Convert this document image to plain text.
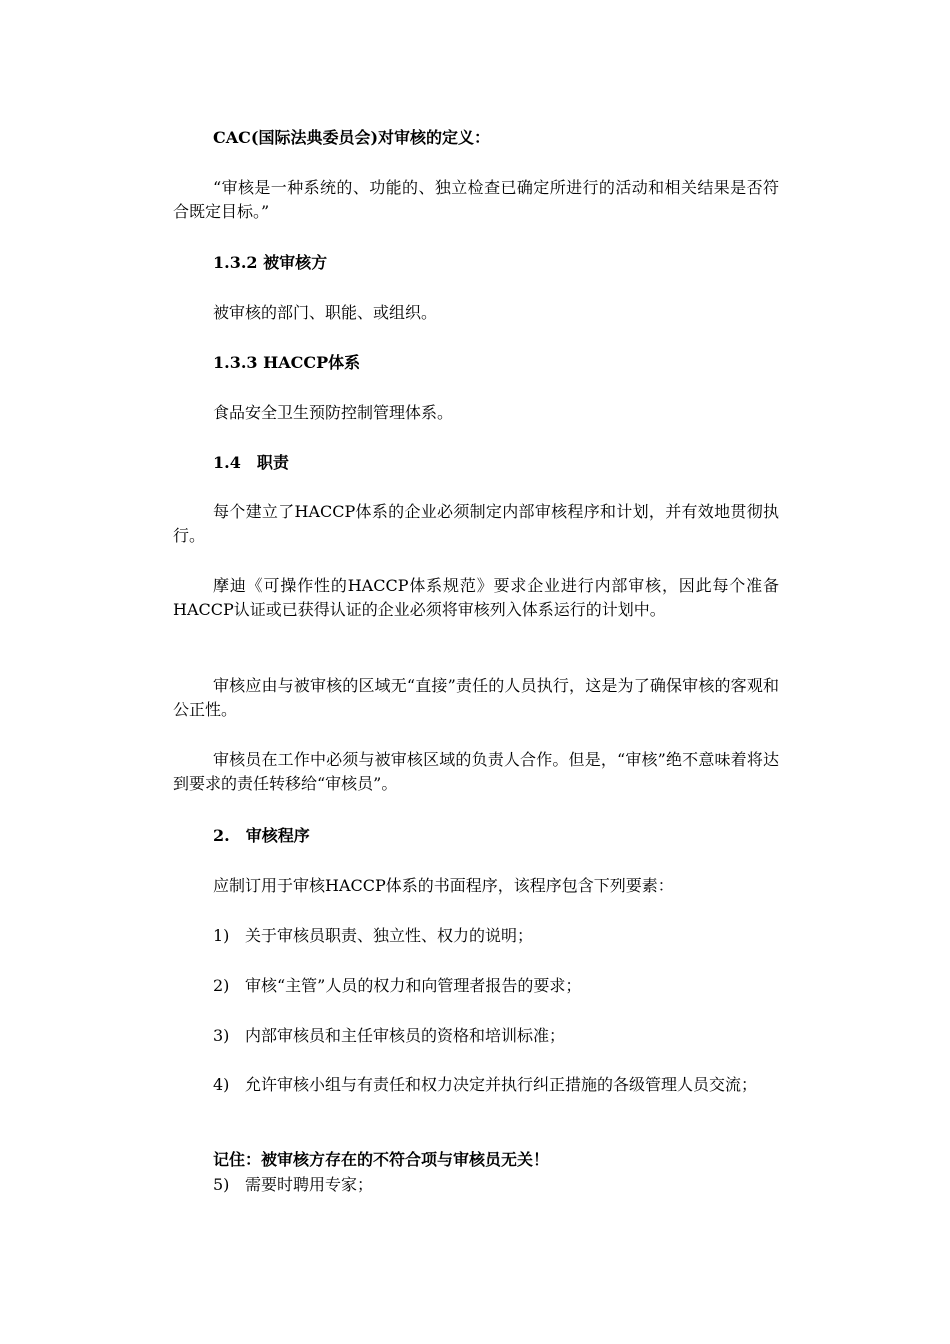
CAC(国际法典委员会)对审核的定义：
“审核是一种系统的、功能的、独立检查已确定所进行的活动和相关结果是否符合既定目标。”
1.3.2 被审核方
被审核的部门、职能、或组织。
1.3.3 HACCP体系
食品安全卫生预防控制管理体系。
1.4　职责
每个建立了HACCP体系的企业必须制定内部审核程序和计划，并有效地贯彻执行。
摩迪《可操作性的HACCP体系规范》要求企业进行内部审核，因此每个准备HACCP认证或已获得认证的企业必须将审核列入体系运行的计划中。
审核应由与被审核的区域无“直接”责任的人员执行，这是为了确保审核的客观和公正性。
审核员在工作中必须与被审核区域的负责人合作。但是，“审核”绝不意味着将达到要求的责任转移给“审核员”。
2.　审核程序
应制订用于审核HACCP体系的书面程序，该程序包含下列要素：
1) 关于审核员职责、独立性、权力的说明；
2) 审核“主管”人员的权力和向管理者报告的要求；
3) 内部审核员和主任审核员的资格和培训标准；
4) 允许审核小组与有责任和权力决定并执行纠正措施的各级管理人员交流；
记住：被审核方存在的不符合项与审核员无关！
5) 需要时聘用专家；
